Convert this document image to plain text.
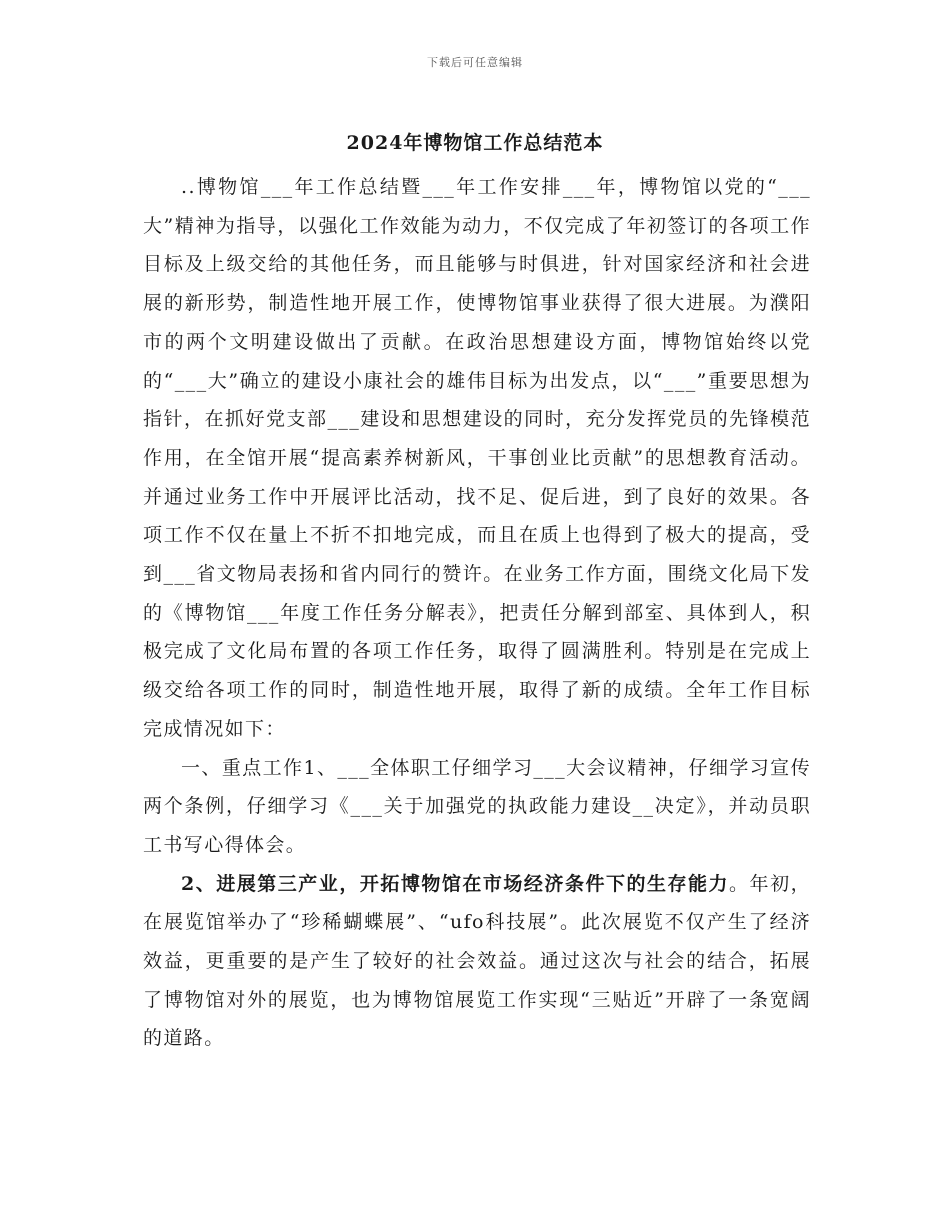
下载后可任意编辑
2024年博物馆工作总结范本

..博物馆___年工作总结暨___年工作安排___年，博物馆以党的“___大”精神为指导，以强化工作效能为动力，不仅完成了年初签订的各项工作目标及上级交给的其他任务，而且能够与时俱进，针对国家经济和社会进展的新形势，制造性地开展工作，使博物馆事业获得了很大进展。为濮阳市的两个文明建设做出了贡献。在政治思想建设方面，博物馆始终以党的“___大”确立的建设小康社会的雄伟目标为出发点，以“___”重要思想为指针，在抓好党支部___建设和思想建设的同时，充分发挥党员的先锋模范作用，在全馆开展“提高素养树新风，干事创业比贡献”的思想教育活动。并通过业务工作中开展评比活动，找不足、促后进，到了良好的效果。各项工作不仅在量上不折不扣地完成，而且在质上也得到了极大的提高，受到___省文物局表扬和省内同行的赞许。在业务工作方面，围绕文化局下发的《博物馆___年度工作任务分解表》，把责任分解到部室、具体到人，积极完成了文化局布置的各项工作任务，取得了圆满胜利。特别是在完成上级交给各项工作的同时，制造性地开展，取得了新的成绩。全年工作目标完成情况如下：

一、重点工作1、___全体职工仔细学习___大会议精神，仔细学习宣传两个条例，仔细学习《___关于加强党的执政能力建设__决定》，并动员职工书写心得体会。

2、进展第三产业，开拓博物馆在市场经济条件下的生存能力。年初，在展览馆举办了“珍稀蝴蝶展”、“ufo科技展”。此次展览不仅产生了经济效益，更重要的是产生了较好的社会效益。通过这次与社会的结合，拓展了博物馆对外的展览，也为博物馆展览工作实现“三贴近”开辟了一条宽阔的道路。
